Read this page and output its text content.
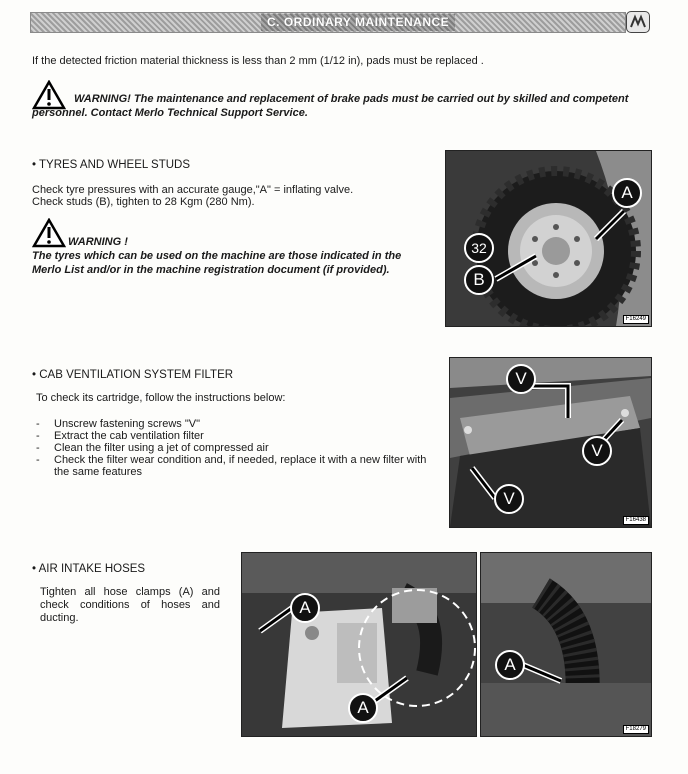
C. ORDINARY MAINTENANCE
If the detected friction material thickness is less than 2 mm (1/12 in), pads must be replaced .
WARNING! The maintenance and replacement of brake pads must be carried out by skilled and competent personnel. Contact Merlo Technical Support Service.
• TYRES AND WHEEL STUDS
Check tyre pressures with an accurate gauge,"A" = inflating valve.
Check studs (B), tighten to 28 Kgm (280 Nm).
WARNING !
The tyres which can be used on the machine are those indicated in the Merlo List and/or in the machine registration document (if provided).
A
32
B
F16249
• CAB VENTILATION SYSTEM FILTER
To check its cartridge, follow the instructions below:
- Unscrew fastening screws "V"
- Extract the cab ventilation filter
- Clean the filter using a jet of compressed air
- Check the filter wear condition and, if needed, replace it with a new filter with the same features
V
V
V
F16438
• AIR INTAKE HOSES
Tighten all hose clamps (A) and check conditions of hoses and ducting.
A
A
A
F18279
